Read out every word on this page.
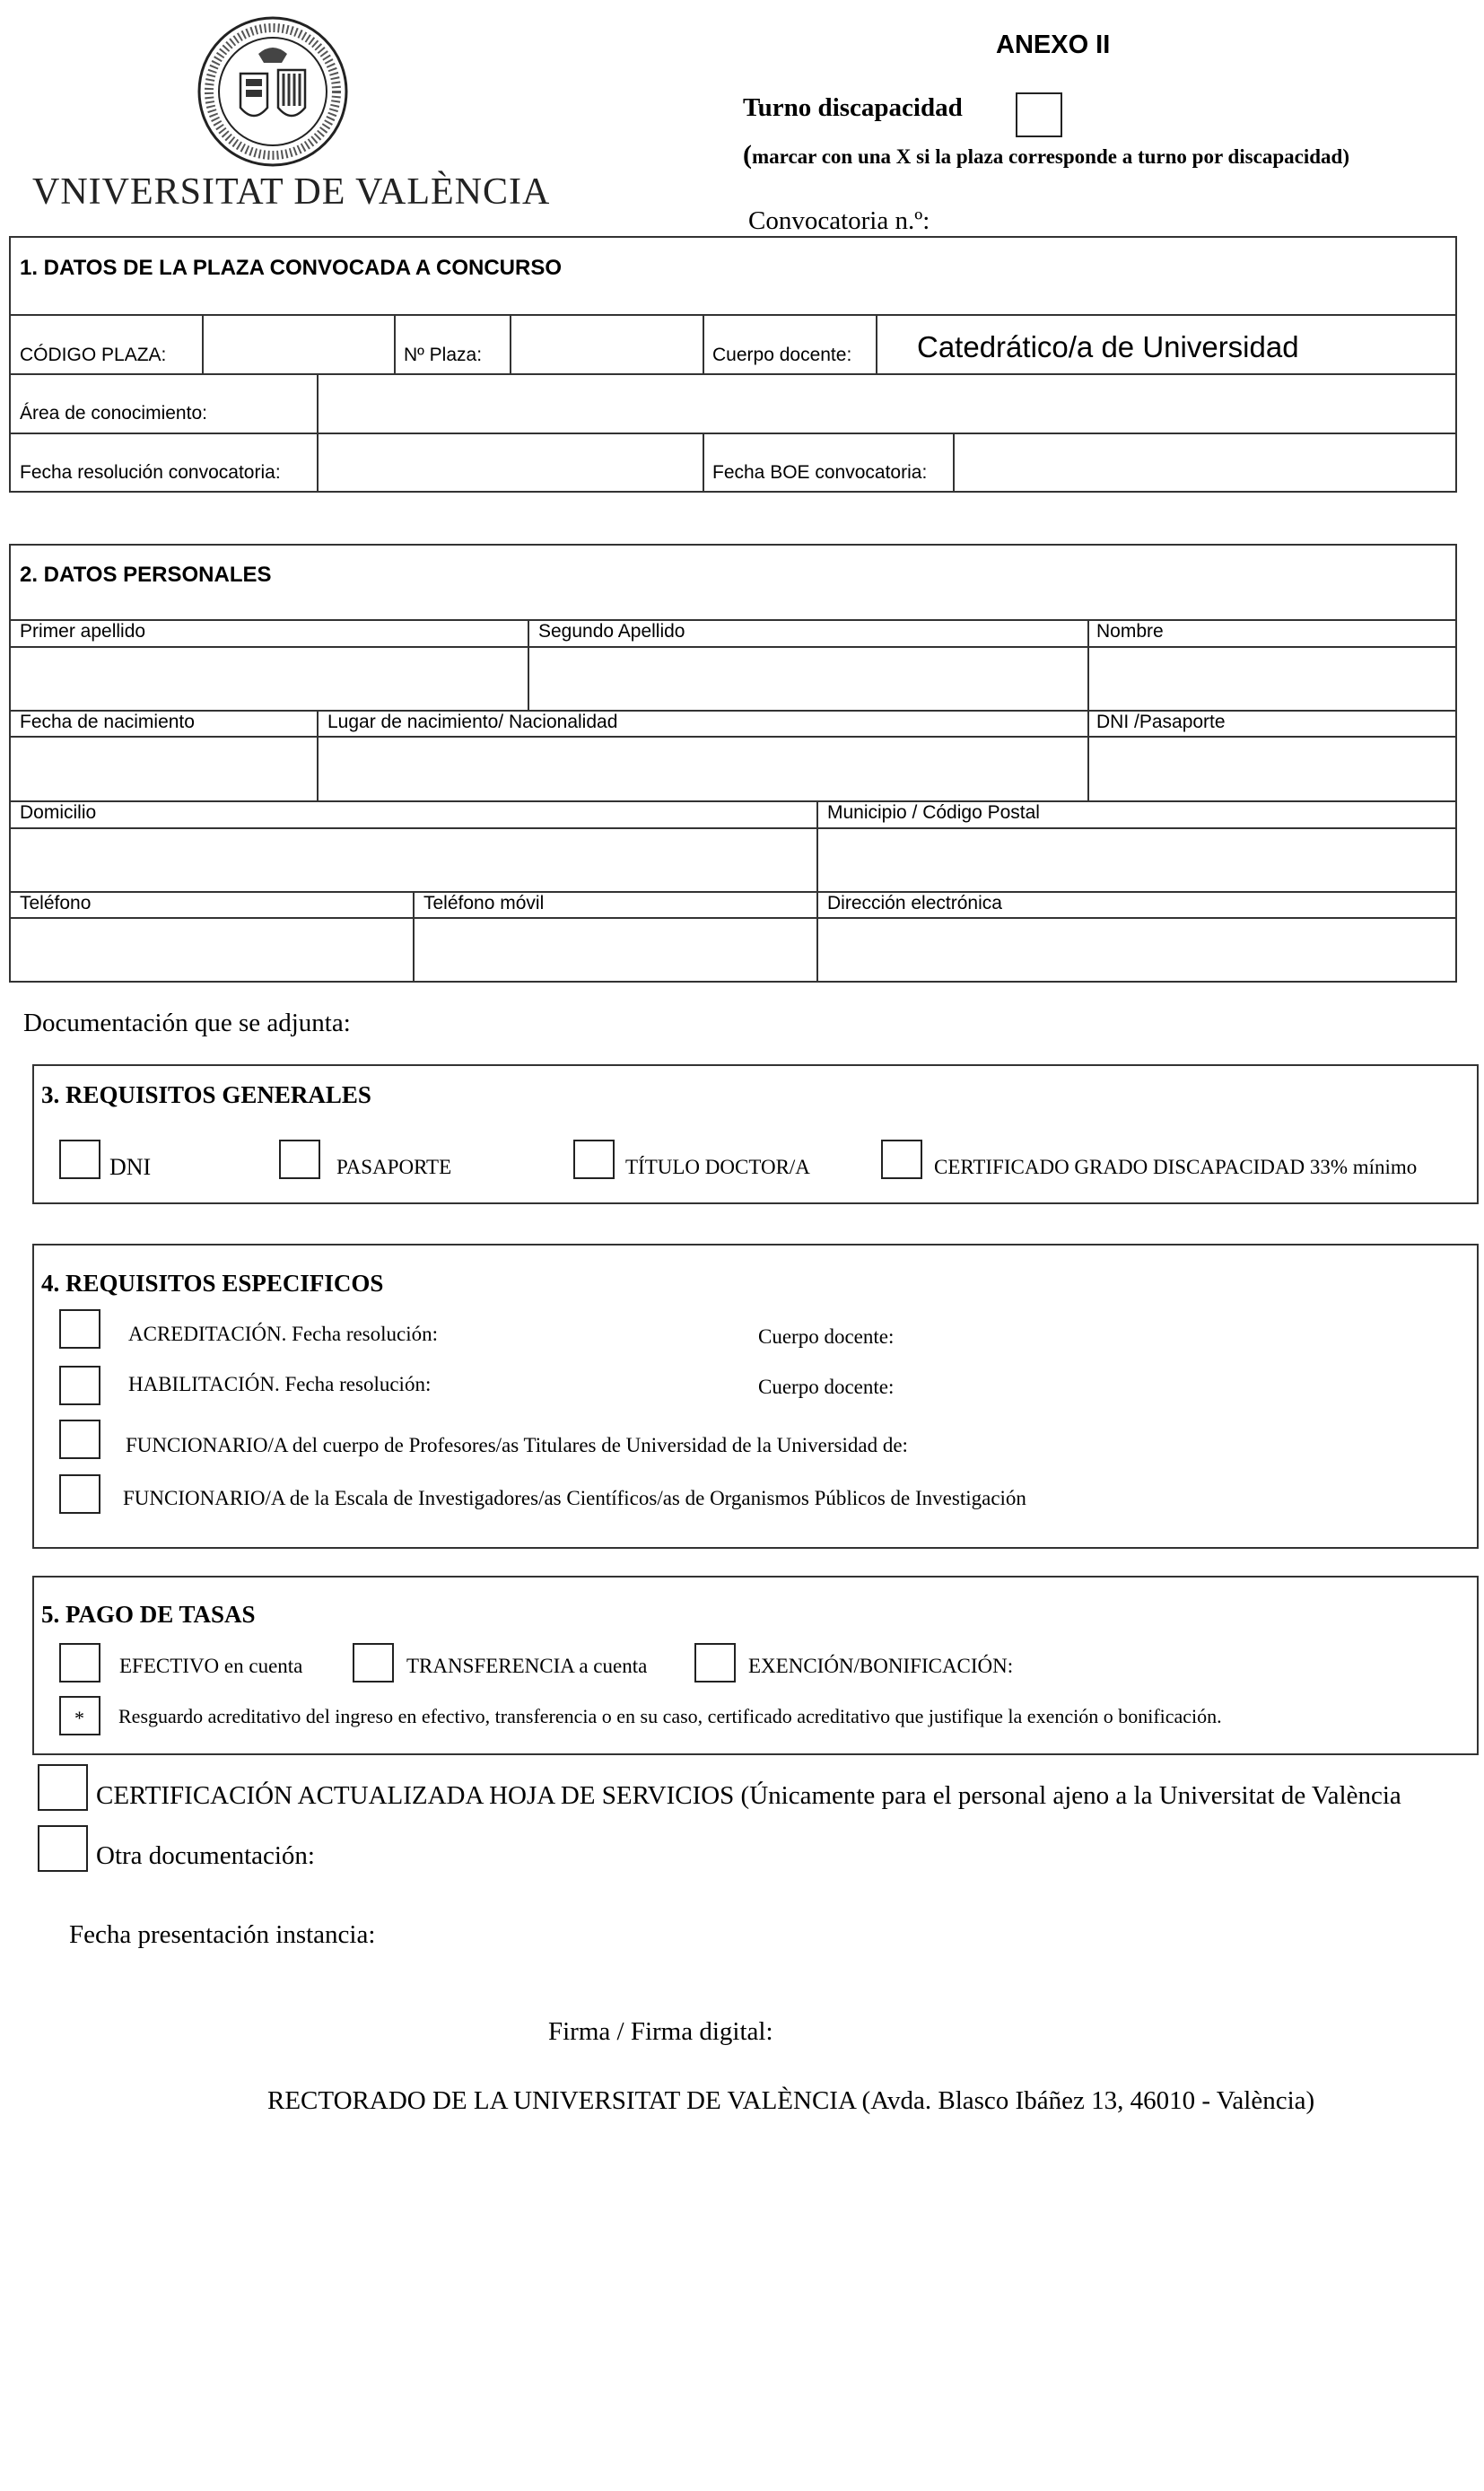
VNIVERSITAT DE VALÈNCIA
ANEXO II
Turno discapacidad
(marcar con una X si la plaza corresponde a turno por discapacidad)
Convocatoria n.º:
1. DATOS DE LA PLAZA CONVOCADA A CONCURSO
CÓDIGO PLAZA:	Nº Plaza:	Cuerpo docente: Catedrático/a de Universidad
Área de conocimiento:
Fecha resolución convocatoria:	Fecha BOE convocatoria:
2. DATOS PERSONALES
Primer apellido	Segundo Apellido	Nombre
Fecha de nacimiento	Lugar de nacimiento/ Nacionalidad	DNI /Pasaporte
Domicilio	Municipio / Código Postal
Teléfono	Teléfono móvil	Dirección electrónica
Documentación que se adjunta:
3. REQUISITOS GENERALES
DNI	PASAPORTE	TÍTULO DOCTOR/A	CERTIFICADO GRADO DISCAPACIDAD 33% mínimo
4. REQUISITOS ESPECIFICOS
ACREDITACIÓN. Fecha resolución:	Cuerpo docente:
HABILITACIÓN. Fecha resolución:	Cuerpo docente:
FUNCIONARIO/A del cuerpo de Profesores/as Titulares de Universidad de la Universidad de:
FUNCIONARIO/A de la Escala de Investigadores/as Científicos/as de Organismos Públicos de Investigación
5. PAGO DE TASAS
EFECTIVO en cuenta	TRANSFERENCIA a cuenta	EXENCIÓN/BONIFICACIÓN:
* Resguardo acreditativo del ingreso en efectivo, transferencia o en su caso, certificado acreditativo que justifique la exención o bonificación.
CERTIFICACIÓN ACTUALIZADA HOJA DE SERVICIOS (Únicamente para el personal ajeno a la Universitat de València
Otra documentación:
Fecha presentación instancia:
Firma / Firma digital:
RECTORADO DE LA UNIVERSITAT DE VALÈNCIA (Avda. Blasco Ibáñez 13, 46010 - València)
